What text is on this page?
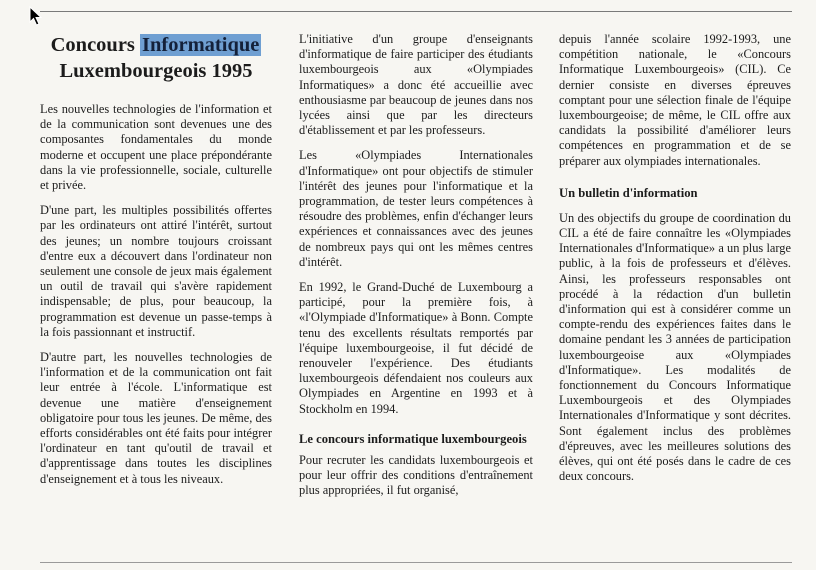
Concours Informatique
Luxembourgeois 1995

Les nouvelles technologies de l'information et de la communication sont devenues une des composantes fondamentales du monde moderne et occupent une place prépondérante dans la vie professionnelle, sociale, culturelle et privée.

D'une part, les multiples possibilités offertes par les ordinateurs ont attiré l'intérêt, surtout des jeunes; un nombre toujours croissant d'entre eux a découvert dans l'ordinateur non seulement une console de jeux mais également un outil de travail qui s'avère rapidement indispensable; de plus, pour beaucoup, la programmation est devenue un passe-temps à la fois passionnant et instructif.

D'autre part, les nouvelles technologies de l'information et de la communication ont fait leur entrée à l'école. L'informatique est devenue une matière d'enseignement obligatoire pour tous les jeunes. De même, des efforts considérables ont été faits pour intégrer l'ordinateur en tant qu'outil de travail et d'apprentissage dans toutes les disciplines d'enseignement et à tous les niveaux.

L'initiative d'un groupe d'enseignants d'informatique de faire participer des étudiants luxembourgeois aux «Olympiades Informatiques» a donc été accueillie avec enthousiasme par beaucoup de jeunes dans nos lycées ainsi que par les directeurs d'établissement et par les professeurs.

Les «Olympiades Internationales d'Informatique» ont pour objectifs de stimuler l'intérêt des jeunes pour l'informatique et la programmation, de tester leurs compétences à résoudre des problèmes, enfin d'échanger leurs expériences et connaissances avec des jeunes de nombreux pays qui ont les mêmes centres d'intérêt.

En 1992, le Grand-Duché de Luxembourg a participé, pour la première fois, à «l'Olympiade d'Informatique» à Bonn. Compte tenu des excellents résultats remportés par l'équipe luxembourgeoise, il fut décidé de renouveler l'expérience. Des étudiants luxembourgeois défendaient nos couleurs aux Olympiades en Argentine en 1993 et à Stockholm en 1994.

Le concours informatique luxembourgeois

Pour recruter les candidats luxembourgeois et pour leur offrir des conditions d'entraînement plus appropriées, il fut organisé,

depuis l'année scolaire 1992-1993, une compétition nationale, le «Concours Informatique Luxembourgeois» (CIL). Ce dernier consiste en diverses épreuves comptant pour une sélection finale de l'équipe luxembourgeoise; de même, le CIL offre aux candidats la possibilité d'améliorer leurs compétences en programmation et de se préparer aux olympiades internationales.

Un bulletin d'information

Un des objectifs du groupe de coordination du CIL a été de faire connaître les «Olympiades Internationales d'Informatique» a un plus large public, à la fois de professeurs et d'élèves. Ainsi, les professeurs responsables ont procédé à la rédaction d'un bulletin d'information qui est à considérer comme un compte-rendu des expériences faites dans le domaine pendant les 3 années de participation luxembourgeoise aux «Olympiades d'Informatique». Les modalités de fonctionnement du Concours Informatique Luxembourgeois et des Olympiades Internationales d'Informatique y sont décrites. Sont également inclus des problèmes d'épreuves, avec les meilleures solutions des élèves, qui ont été posés dans le cadre de ces deux concours.
